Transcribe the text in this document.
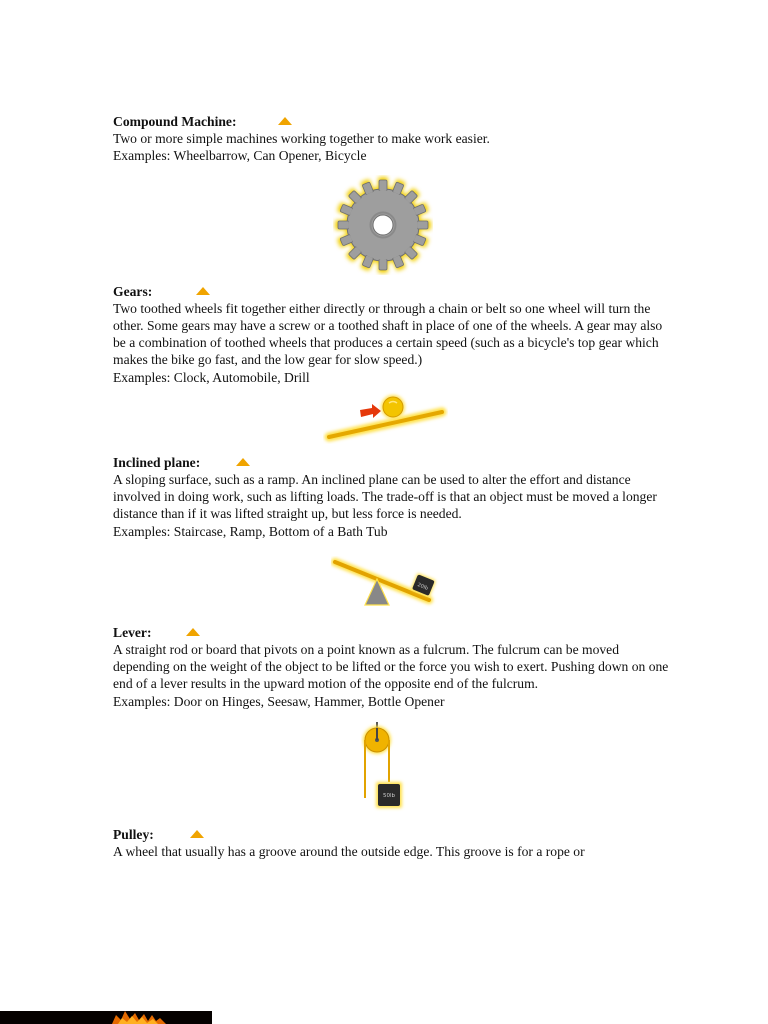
Compound Machine:

Two or more simple machines working together to make work easier.

Examples: Wheelbarrow, Can Opener, Bicycle

Gears:

Two toothed wheels fit together either directly or through a chain or belt so one wheel will turn the other. Some gears may have a screw or a toothed shaft in place of one of the wheels. A gear may also be a combination of toothed wheels that produces a certain speed (such as a bicycle's top gear which makes the bike go fast, and the low gear for slow speed.)

Examples: Clock, Automobile, Drill

Inclined plane:

A sloping surface, such as a ramp. An inclined plane can be used to alter the effort and distance involved in doing work, such as lifting loads. The trade-off is that an object must be moved a longer distance than if it was lifted straight up, but less force is needed.

Examples: Staircase, Ramp, Bottom of a Bath Tub

20lb
Lever:

A straight rod or board that pivots on a point known as a fulcrum. The fulcrum can be moved depending on the weight of the object to be lifted or the force you wish to exert. Pushing down on one end of a lever results in the upward motion of the opposite end of the fulcrum.

Examples: Door on Hinges, Seesaw, Hammer, Bottle Opener

50lb
Pulley:

A wheel that usually has a groove around the outside edge. This groove is for a rope or
